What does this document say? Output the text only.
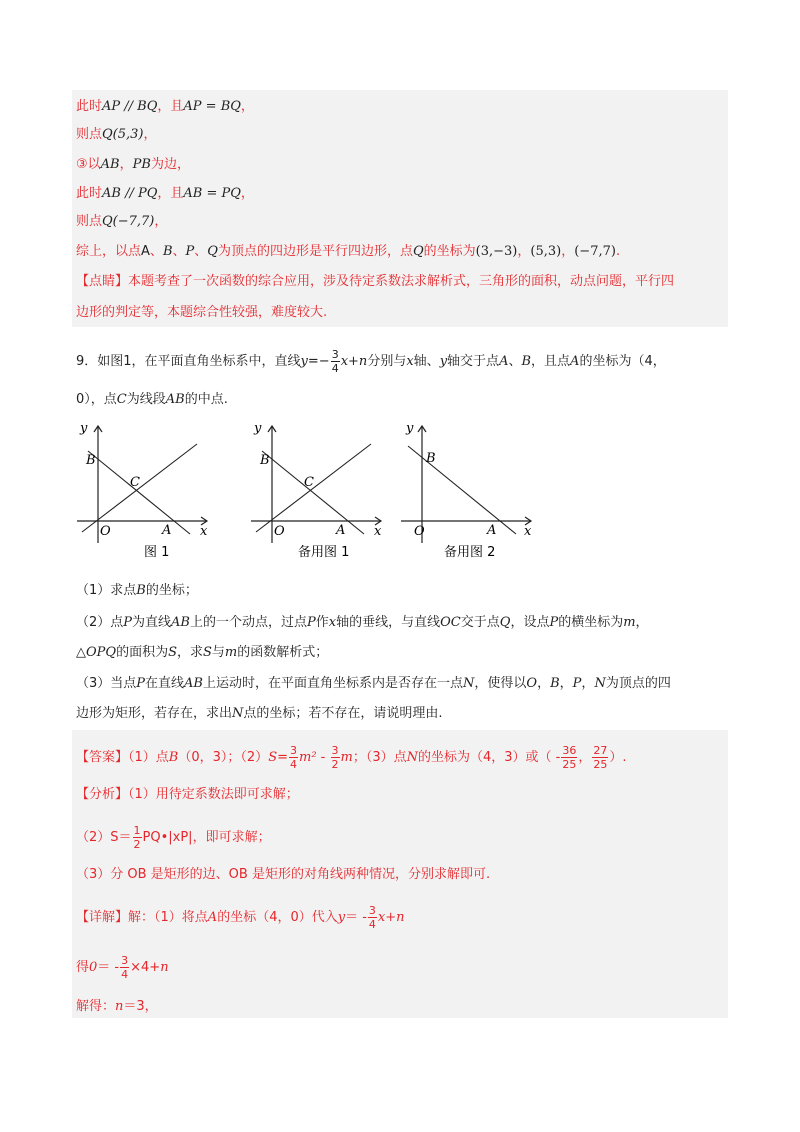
此时AP // BQ，且AP = BQ，
则点Q(5,3)，
③以AB，PB为边，
此时AB // PQ，且AB = PQ，
则点Q(−7,7)，
综上，以点A、B、P、Q为顶点的四边形是平行四边形，点Q的坐标为(3,−3)，(5,3)，(−7,7).
【点睛】本题考查了一次函数的综合应用，涉及待定系数法求解析式，三角形的面积，动点问题，平行四
边形的判定等，本题综合性较强，难度较大.
9．如图1，在平面直角坐标系中，直线$y=- \frac{3}{4} x+n$分别与x轴、y轴交于点A、B，且点A的坐标为（4，
0），点C为线段AB的中点.
y
B
C
O	A x
图 1
y
B
C
O	A x
备用图 1
y
B
O	A x
备用图 2
（1）求点B的坐标；
（2）点P为直线AB上的一个动点，过点P作x轴的垂线，与直线OC交于点Q，设点P的横坐标为m，
△OPQ的面积为S，求S与m的函数解析式；
（3）当点P在直线AB上运动时，在平面直角坐标系内是否存在一点N，使得以O，B，P，N为顶点的四
边形为矩形，若存在，求出N点的坐标；若不存在，请说明理由.
【答案】（1）点B（0，3）；$(2)S= \frac{3}{4} m^2 - \frac{3}{2}$ m；（3）点N的坐标为（4，3）或（ - $\frac{36}{25}$ ， $\frac{27}{25}$ ）.
【分析】（1）用待定系数法即可求解；
$(2)S= \frac{1}{2}$ PQ•|xP|，即可求解；
（3）分 OB 是矩形的边、OB 是矩形的对角线两种情况，分别求解即可.
【详解】解：（1）将点A的坐标（4，0）代入$y= - \frac{3}{4} x+n$
得$0= - \frac{3}{4} \times 4+n$
解得：n＝3，
